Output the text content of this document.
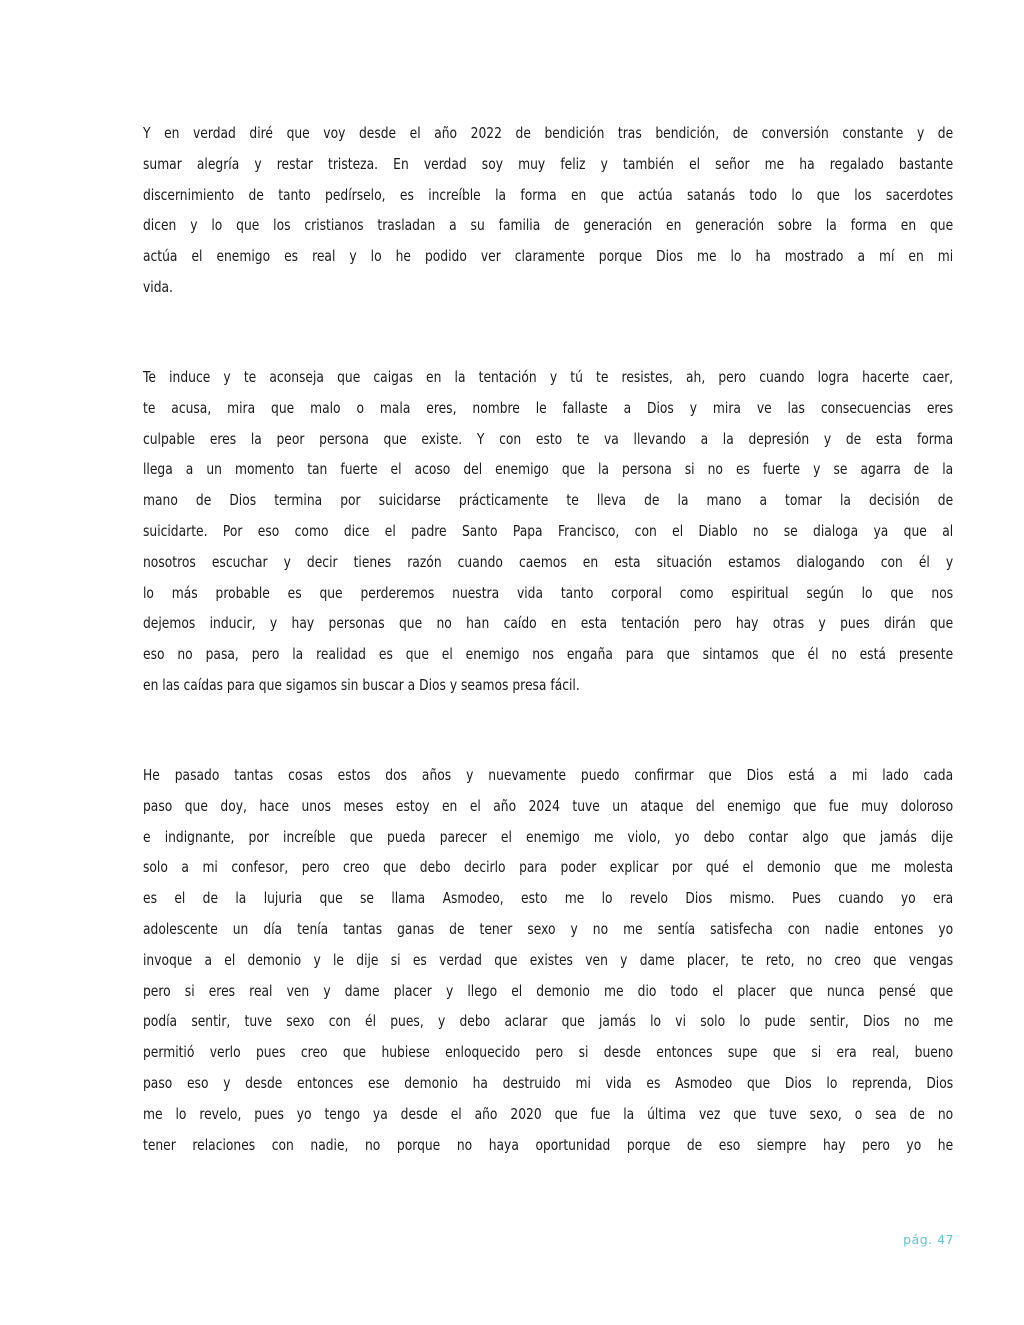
Y en verdad diré que voy desde el año 2022 de bendición tras bendición, de conversión constante y de
sumar alegría y restar tristeza. En verdad soy muy feliz y también el señor me ha regalado bastante
discernimiento de tanto pedírselo, es increíble la forma en que actúa satanás todo lo que los sacerdotes
dicen y lo que los cristianos trasladan a su familia de generación en generación sobre la forma en que
actúa el enemigo es real y lo he podido ver claramente porque Dios me lo ha mostrado a mí en mi
vida.
Te induce y te aconseja que caigas en la tentación y tú te resistes, ah, pero cuando logra hacerte caer,
te acusa, mira que malo o mala eres, nombre le fallaste a Dios y mira ve las consecuencias eres
culpable eres la peor persona que existe. Y con esto te va llevando a la depresión y de esta forma
llega a un momento tan fuerte el acoso del enemigo que la persona si no es fuerte y se agarra de la
mano de Dios termina por suicidarse prácticamente te lleva de la mano a tomar la decisión de
suicidarte. Por eso como dice el padre Santo Papa Francisco, con el Diablo no se dialoga ya que al
nosotros escuchar y decir tienes razón cuando caemos en esta situación estamos dialogando con él y
lo más probable es que perderemos nuestra vida tanto corporal como espiritual según lo que nos
dejemos inducir, y hay personas que no han caído en esta tentación pero hay otras y pues dirán que
eso no pasa, pero la realidad es que el enemigo nos engaña para que sintamos que él no está presente
en las caídas para que sigamos sin buscar a Dios y seamos presa fácil.
He pasado tantas cosas estos dos años y nuevamente puedo confirmar que Dios está a mi lado cada
paso que doy, hace unos meses estoy en el año 2024 tuve un ataque del enemigo que fue muy doloroso
e indignante, por increíble que pueda parecer el enemigo me violo, yo debo contar algo que jamás dije
solo a mi confesor, pero creo que debo decirlo para poder explicar por qué el demonio que me molesta
es el de la lujuria que se llama Asmodeo, esto me lo revelo Dios mismo. Pues cuando yo era
adolescente un día tenía tantas ganas de tener sexo y no me sentía satisfecha con nadie entones yo
invoque a el demonio y le dije si es verdad que existes ven y dame placer, te reto, no creo que vengas
pero si eres real ven y dame placer y llego el demonio me dio todo el placer que nunca pensé que
podía sentir, tuve sexo con él pues, y debo aclarar que jamás lo vi solo lo pude sentir, Dios no me
permitió verlo pues creo que hubiese enloquecido pero si desde entonces supe que si era real, bueno
paso eso y desde entonces ese demonio ha destruido mi vida es Asmodeo que Dios lo reprenda, Dios
me lo revelo, pues yo tengo ya desde el año 2020 que fue la última vez que tuve sexo, o sea de no
tener relaciones con nadie, no porque no haya oportunidad porque de eso siempre hay pero yo he
pág. 47
